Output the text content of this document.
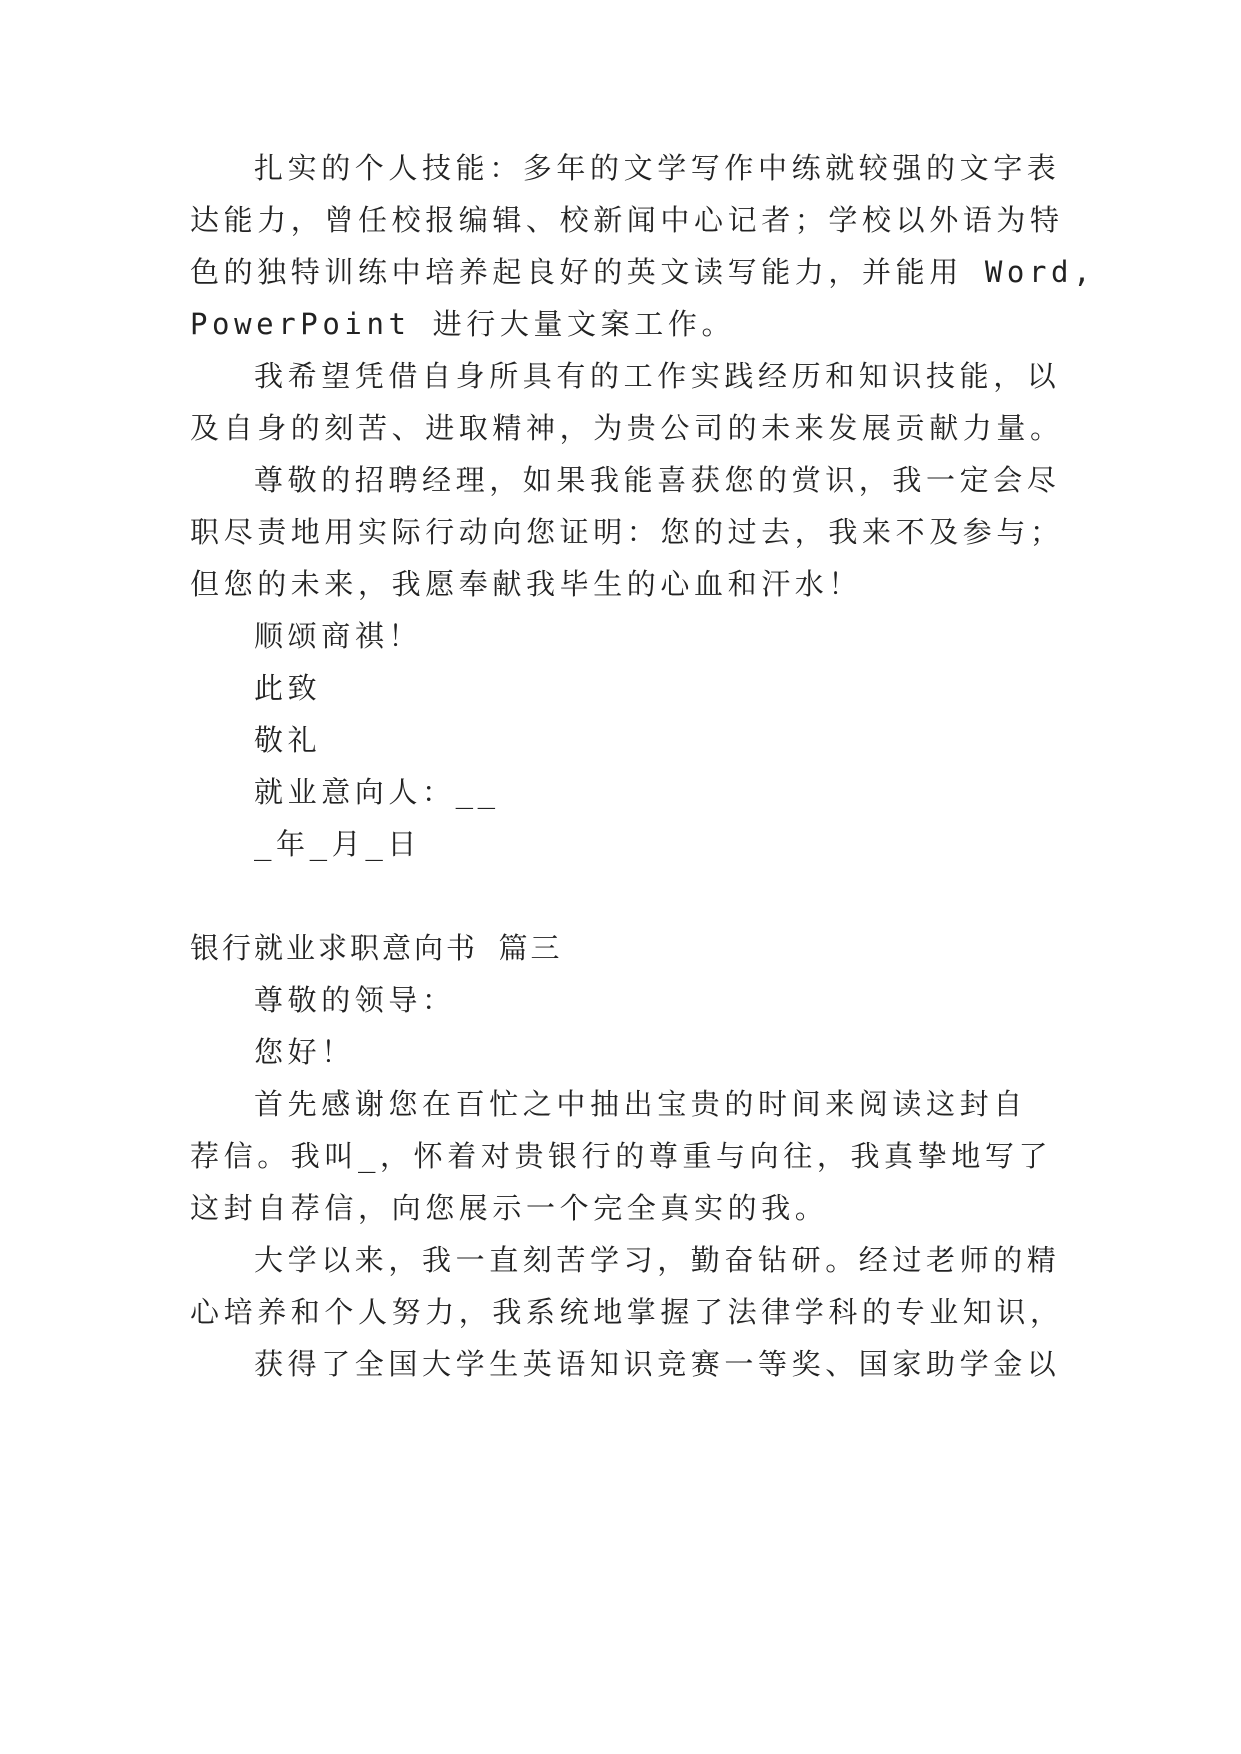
扎实的个人技能：多年的文学写作中练就较强的文字表
达能力，曾任校报编辑、校新闻中心记者；学校以外语为特
色的独特训练中培养起良好的英文读写能力，并能用 Word,
PowerPoint 进行大量文案工作。
我希望凭借自身所具有的工作实践经历和知识技能，以
及自身的刻苦、进取精神，为贵公司的未来发展贡献力量。
尊敬的招聘经理，如果我能喜获您的赏识，我一定会尽
职尽责地用实际行动向您证明：您的过去，我来不及参与；
但您的未来，我愿奉献我毕生的心血和汗水！
顺颂商祺！
此致
敬礼
就业意向人：__
_年_月_日
银行就业求职意向书 篇三
尊敬的领导：
您好！
首先感谢您在百忙之中抽出宝贵的时间来阅读这封自
荐信。我叫_，怀着对贵银行的尊重与向往，我真挚地写了
这封自荐信，向您展示一个完全真实的我。
大学以来，我一直刻苦学习，勤奋钻研。经过老师的精
心培养和个人努力，我系统地掌握了法律学科的专业知识，
获得了全国大学生英语知识竞赛一等奖、国家助学金以
